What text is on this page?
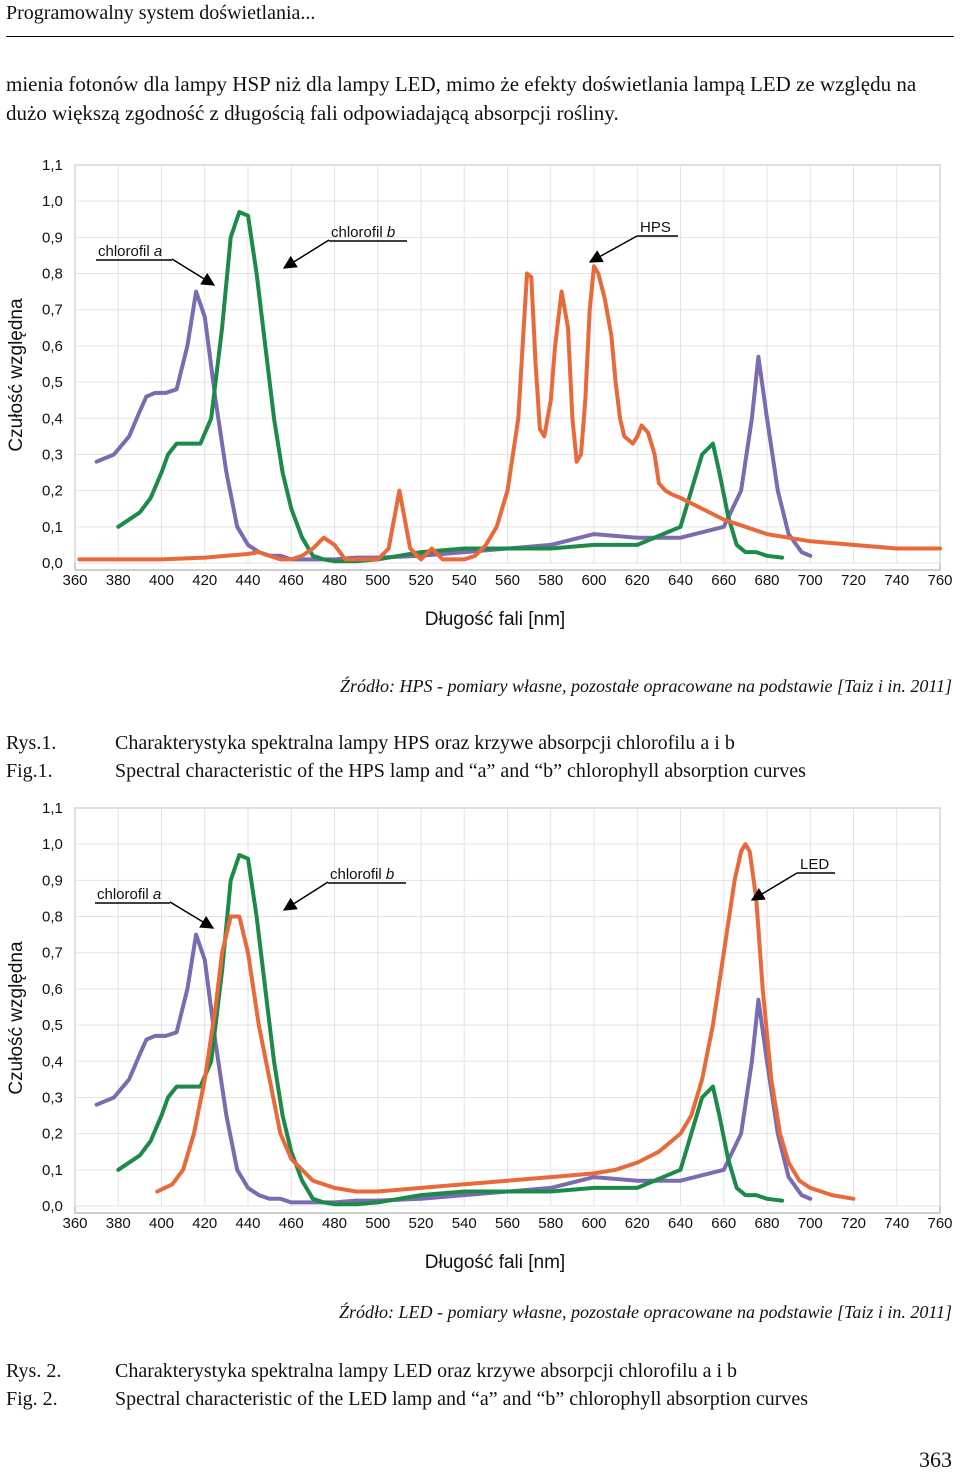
Programowalny system doświetlania...
mienia fotonów dla lampy HSP niż dla lampy LED, mimo że efekty doświetlania lampą LED ze względu na dużo większą zgodność z długością fali odpowiadającą absorpcji rośliny.
0,0
0,1
0,2
0,3
0,4
0,5
0,6
0,7
0,8
0,9
1,0
1,1
360 380 400 420 440 460 480 500 520 540 560 580 600 620 640 660 680 700 720 740 760
Długość fali [nm]
Czułość względna
chlorofil a
chlorofil b	HPS
Źródło: HPS - pomiary własne, pozostałe opracowane na podstawie [Taiz i in. 2011]
Rys.1.	Charakterystyka spektralna lampy HPS oraz krzywe absorpcji chlorofilu a i b
Fig.1.	Spectral characteristic of the HPS lamp and “a” and “b” chlorophyll absorption curves
0,0
0,1
0,2
0,3
0,4
0,5
0,6
0,7
0,8
0,9
1,0
1,1
360 380 400 420 440 460 480 500 520 540 560 580 600 620 640 660 680 700 720 740 760
Długość fali [nm]
Czułość względna
chlorofil a
chlorofil b
LED
Źródło: LED - pomiary własne, pozostałe opracowane na podstawie [Taiz i in. 2011]
Rys. 2.	Charakterystyka spektralna lampy LED oraz krzywe absorpcji chlorofilu a i b
Fig. 2.	Spectral characteristic of the LED lamp and “a” and “b” chlorophyll absorption curves
363
